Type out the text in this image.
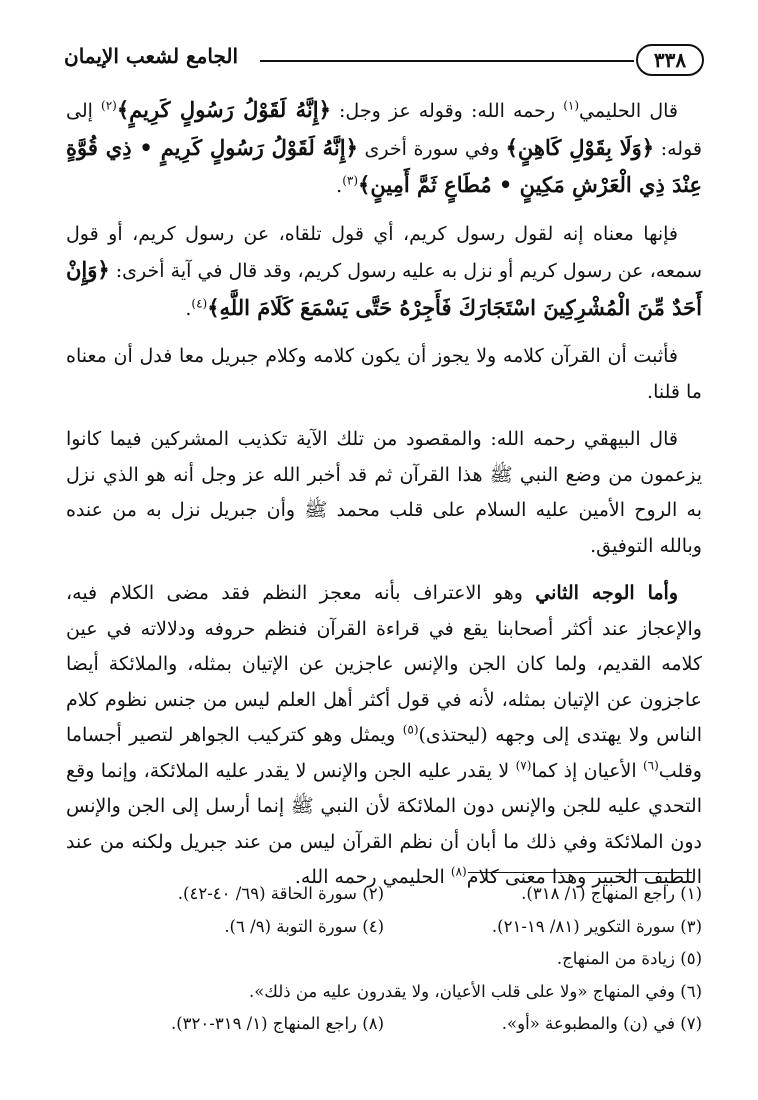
٣٣٨
الجامع لشعب الإيمان

قال الحليمي$^{(١)}$ رحمه الله: وقوله عز وجل: ﴿إِنَّهُ لَقَوْلُ رَسُولٍ كَرِيمٍ﴾$^{(٢)}$ إلى قوله: ﴿وَلَا بِقَوْلِ كَاهِنٍ﴾ وفي سورة أخرى ﴿إِنَّهُ لَقَوْلُ رَسُولٍ كَرِيمٍ • ذِي قُوَّةٍ عِنْدَ ذِي الْعَرْشِ مَكِينٍ • مُطَاعٍ ثَمَّ أَمِينٍ﴾$^{(٣)}$.

فإنها معناه إنه لقول رسول كريم، أي قول تلقاه، عن رسول كريم، أو قول سمعه، عن رسول كريم أو نزل به عليه رسول كريم، وقد قال في آية أخرى: ﴿وَإِنْ أَحَدٌ مِّنَ الْمُشْرِكِينَ اسْتَجَارَكَ فَأَجِرْهُ حَتَّى يَسْمَعَ كَلَامَ اللَّهِ﴾$^{(٤)}$.

فأثبت أن القرآن كلامه ولا يجوز أن يكون كلامه وكلام جبريل معا فدل أن معناه ما قلنا.

قال البيهقي رحمه الله: والمقصود من تلك الآية تكذيب المشركين فيما كانوا يزعمون من وضع النبي ﷺ هذا القرآن ثم قد أخبر الله عز وجل أنه هو الذي نزل به الروح الأمين عليه السلام على قلب محمد ﷺ وأن جبريل نزل به من عنده وبالله التوفيق.

وأما الوجه الثاني وهو الاعتراف بأنه معجز النظم فقد مضى الكلام فيه، والإعجاز عند أكثر أصحابنا يقع في قراءة القرآن فنظم حروفه ودلالاته في عين كلامه القديم، ولما كان الجن والإنس عاجزين عن الإتيان بمثله، والملائكة أيضا عاجزون عن الإتيان بمثله، لأنه في قول أكثر أهل العلم ليس من جنس نظوم كلام الناس ولا يهتدى إلى وجهه (ليحتذى)$^{(٥)}$ ويمثل وهو كتركيب الجواهر لتصير أجساما وقلب$^{(٦)}$ الأعيان إذ كما$^{(٧)}$ لا يقدر عليه الجن والإنس لا يقدر عليه الملائكة، وإنما وقع التحدي عليه للجن والإنس دون الملائكة لأن النبي ﷺ إنما أرسل إلى الجن والإنس دون الملائكة وفي ذلك ما أبان أن نظم القرآن ليس من عند جبريل ولكنه من عند اللطيف الخبير وهذا معنى كلام$^{(٨)}$ الحليمي رحمه الله.

(١) راجع المنهاج (١/ ٣١٨).
(٢) سورة الحاقة (٦٩/ ٤٠-٤٢).
(٣) سورة التكوير (٨١/ ١٩-٢١).
(٤) سورة التوبة (٩/ ٦).
(٥) زيادة من المنهاج.
(٦) وفي المنهاج «ولا على قلب الأعيان، ولا يقدرون عليه من ذلك».
(٧) في (ن) والمطبوعة «أو».
(٨) راجع المنهاج (١/ ٣١٩-٣٢٠).
